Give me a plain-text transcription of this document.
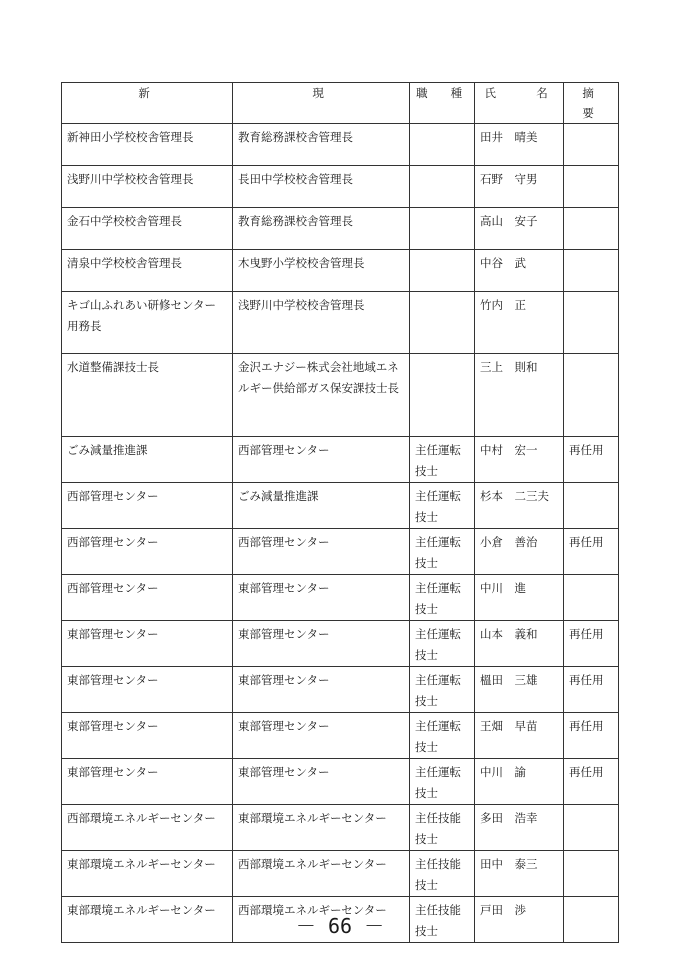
新	現	職　種	氏　　名	摘　要
新神田小学校校舎管理長	教育総務課校舎管理長		田井　晴美	
浅野川中学校校舎管理長	長田中学校校舎管理長		石野　守男	
金石中学校校舎管理長	教育総務課校舎管理長		高山　安子	
清泉中学校校舎管理長	木曳野小学校校舎管理長		中谷　武	
キゴ山ふれあい研修センター用務長	浅野川中学校校舎管理長		竹内　正	
水道整備課技士長	金沢エナジー株式会社地域エネルギー供給部ガス保安課技士長		三上　則和	
ごみ減量推進課	西部管理センター	主任運転技士	中村　宏一	再任用
西部管理センター	ごみ減量推進課	主任運転技士	杉本　二三夫	
西部管理センター	西部管理センター	主任運転技士	小倉　善治	再任用
西部管理センター	東部管理センター	主任運転技士	中川　進	
東部管理センター	東部管理センター	主任運転技士	山本　義和	再任用
東部管理センター	東部管理センター	主任運転技士	榲田　三雄	再任用
東部管理センター	東部管理センター	主任運転技士	王畑　早苗	再任用
東部管理センター	東部管理センター	主任運転技士	中川　諭	再任用
西部環境エネルギーセンター	東部環境エネルギーセンター	主任技能技士	多田　浩幸	
東部環境エネルギーセンター	西部環境エネルギーセンター	主任技能技士	田中　泰三	
東部環境エネルギーセンター	西部環境エネルギーセンター	主任技能技士	戸田　渉	
－ 66 －
